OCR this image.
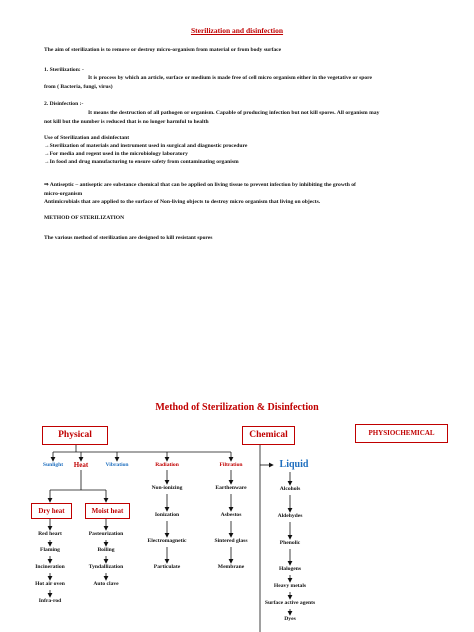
Sterilization and disinfection
The aim of sterilization is to remove or destroy micro-organism from material or from body surface
1. Sterilization: -
It is process by which an article, surface or medium is made free of cell micro organism either in the vegetative or spore
from ( Bacteria, fungi, virus)
2. Disinfection :-
It means the destruction of all pathogen or organism. Capable of producing infection but not kill spores. All organism may
not kill but the number is reduced that is no longer harmful to health
Use of Sterilization and disinfectant
→Sterilization of materials and instrument used in surgical and diagnostic procedure
→For media and regent used in the microbiology laboratory
→In food and drug manufacturing to ensure safety from contaminating organism
⇒ Antiseptic – antiseptic are substance chemical that can be applied on living tissue to prevent infection by inhibiting the growth of
micro-organism
Antimicrobials that are applied to the surface of Non-living objects to destroy micro organism that living on objects.
METHOD OF STERILIZATION
The various method of sterilization are designed to kill resistant spores
Method of Sterilization & Disinfection
Physical	Chemical	PHYSIOCHEMICAL
Sunlight Heat	Vibration	Radiation	Filtration
Dry heat	Moist heat
Red heart
Flaming
Incineration
Hot air oven
Infra-rod
Pasteurization
Boiling
Tyndallization
Auto clave
Non-ionizing
Ionization
Electromagnetic
Particulate
Earthenware
Asbestos
Sintered glass
Membrane
Liquid
Alcohols
Aldehydes
Phenolic
Halogens
Heavy metals
Surface active agents
Dyes
